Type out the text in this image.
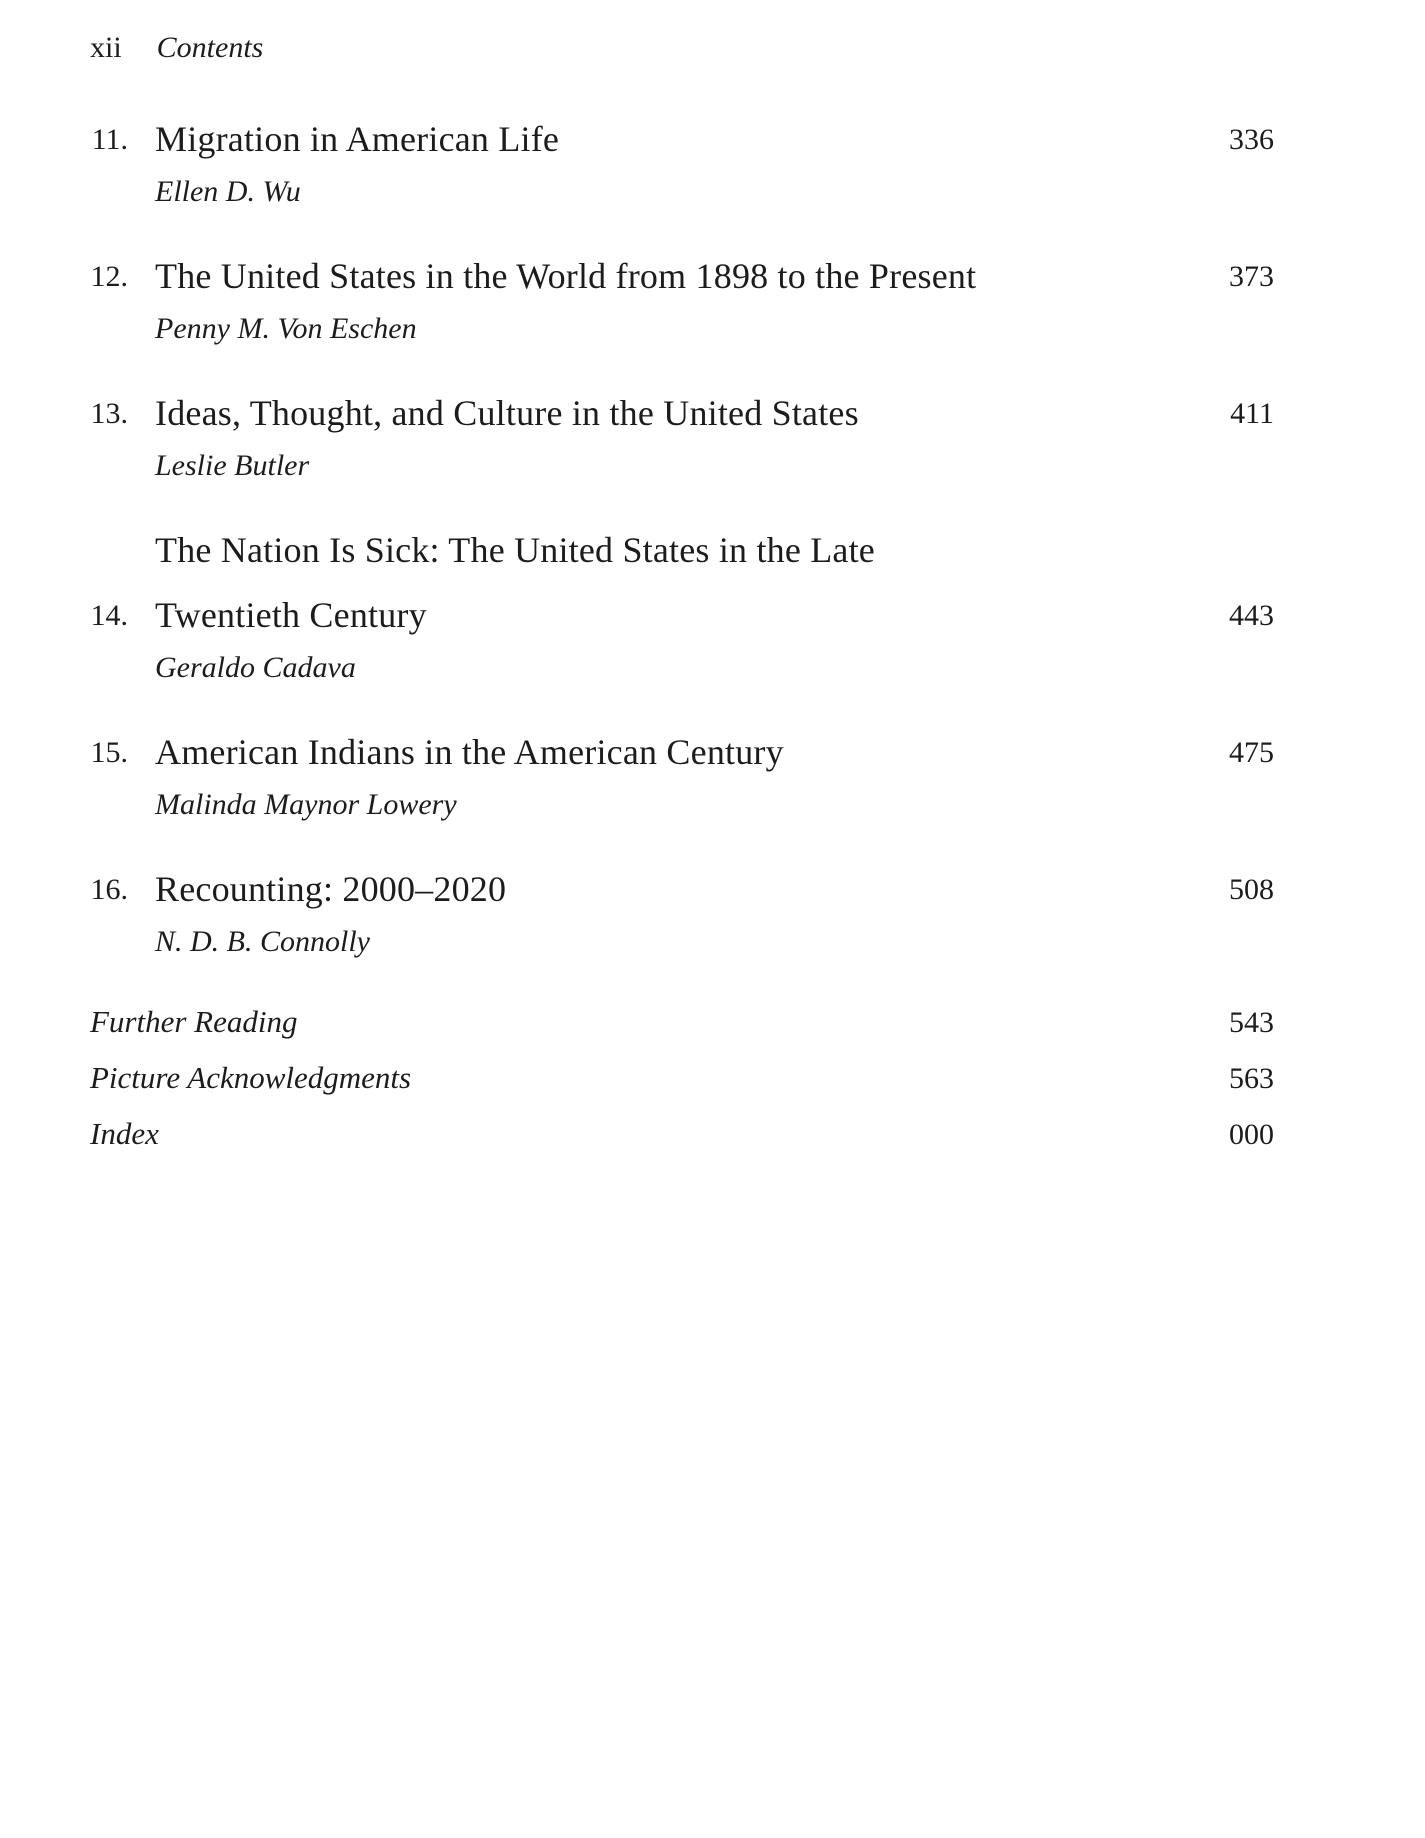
xii Contents
11. Migration in American Life	336
Ellen D. Wu
12. The United States in the World from 1898 to the Present	373
Penny M. Von Eschen
13. Ideas, Thought, and Culture in the United States	411
Leslie Butler
14.
The Nation Is Sick: The United States in the Late
Twentieth Century	443
Geraldo Cadava
15. American Indians in the American Century	475
Malinda Maynor Lowery
16. Recounting: 2000–2020	508
N. D. B. Connolly
Further Reading	543
Picture Acknowledgments	563
Index	000
